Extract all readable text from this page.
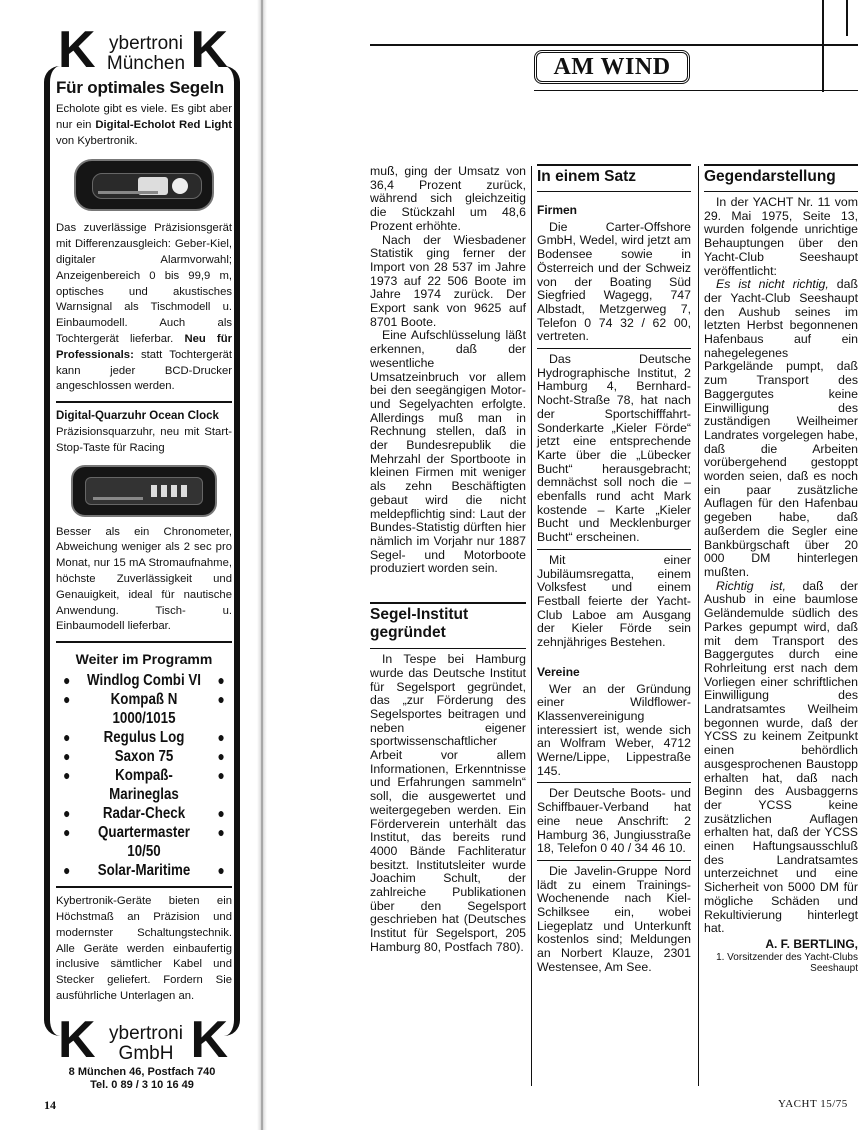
K ybertroni
München K
Für optimales Segeln

Echolote gibt es viele. Es gibt aber nur ein Digital-Echolot Red Light von Kybertronik.

Das zuverlässige Präzisionsgerät mit Differenzausgleich: Geber-Kiel, digitaler Alarmvorwahl; Anzeigenbereich 0 bis 99,9 m, optisches und akustisches Warnsignal als Tischmodell u. Einbaumodell. Auch als Tochtergerät lieferbar. Neu für Professionals: statt Tochtergerät kann jeder BCD-Drucker angeschlossen werden.

Digital-Quarzuhr Ocean Clock

Präzisionsquarzuhr, neu mit Start-Stop-Taste für Racing

Besser als ein Chronometer, Abweichung weniger als 2 sec pro Monat, nur 15 mA Stromaufnahme, höchste Zuverlässigkeit und Genauigkeit, ideal für nautische Anwendung. Tisch- u. Einbaumodell lieferbar.

Weiter im Programm
● Windlog Combi VI ●
● Kompaß N 1000/1015 ●
● Regulus Log ●
● Saxon 75 ●
● Kompaß-Marineglas ●
● Radar-Check ●
● Quartermaster 10/50 ●
● Solar-Maritime ●

Kybertronik-Geräte bieten ein Höchstmaß an Präzision und modernster Schaltungstechnik. Alle Geräte werden einbaufertig inclusive sämtlicher Kabel und Stecker geliefert. Fordern Sie ausführliche Unterlagen an.

K ybertroni
GmbH K
8 München 46, Postfach 740
Tel. 0 89 / 3 10 16 49
14	YACHT 15/75
AM WIND

muß, ging der Umsatz von 36,4 Prozent zurück, während sich gleichzeitig die Stückzahl um 48,6 Prozent erhöhte.

Nach der Wiesbadener Statistik ging ferner der Import von 28 537 im Jahre 1973 auf 22 506 Boote im Jahre 1974 zurück. Der Export sank von 9625 auf 8701 Boote.

Eine Aufschlüsselung läßt erkennen, daß der wesentliche Umsatzeinbruch vor allem bei den seegängigen Motor- und Segelyachten erfolgte. Allerdings muß man in Rechnung stellen, daß in der Bundesrepublik die Mehrzahl der Sportboote in kleinen Firmen mit weniger als zehn Beschäftigten gebaut wird die nicht meldepflichtig sind: Laut der Bundes-Statistig dürften hier nämlich im Vorjahr nur 1887 Segel- und Motorboote produziert worden sein.

Segel-Institut gegründet

In Tespe bei Hamburg wurde das Deutsche Institut für Segelsport gegründet, das „zur Förderung des Segelsportes beitragen und neben eigener sportwissenschaftlicher Arbeit vor allem Informationen, Erkenntnisse und Erfahrungen sammeln“ soll, die ausgewertet und weitergegeben werden. Ein Förderverein unterhält das Institut, das bereits rund 4000 Bände Fachliteratur besitzt. Institutsleiter wurde Joachim Schult, der zahlreiche Publikationen über den Segelsport geschrieben hat (Deutsches Institut für Segelsport, 205 Hamburg 80, Postfach 780).

In einem Satz
Firmen

Die Carter-Offshore GmbH, Wedel, wird jetzt am Bodensee sowie in Österreich und der Schweiz von der Boating Süd Siegfried Wagegg, 747 Albstadt, Metzgerweg 7, Telefon 0 74 32 / 62 00, vertreten.

Das Deutsche Hydrographische Institut, 2 Hamburg 4, Bernhard-Nocht-Straße 78, hat nach der Sportschifffahrt-Sonderkarte „Kieler Förde“ jetzt eine entsprechende Karte über die „Lübecker Bucht“ herausgebracht; demnächst soll noch die – ebenfalls rund acht Mark kostende – Karte „Kieler Bucht und Mecklenburger Bucht“ erscheinen.

Mit einer Jubiläumsregatta, einem Volksfest und einem Festball feierte der Yacht-Club Laboe am Ausgang der Kieler Förde sein zehnjähriges Bestehen.

Vereine

Wer an der Gründung einer Wildflower-Klassenvereinigung interessiert ist, wende sich an Wolfram Weber, 4712 Werne/Lippe, Lippestraße 145.

Der Deutsche Boots- und Schiffbauer-Verband hat eine neue Anschrift: 2 Hamburg 36, Jungiusstraße 18, Telefon 0 40 / 34 46 10.

Die Javelin-Gruppe Nord lädt zu einem Trainings-Wochenende nach Kiel-Schilksee ein, wobei Liegeplatz und Unterkunft kostenlos sind; Meldungen an Norbert Klauze, 2301 Westensee, Am See.

Gegendarstellung

In der YACHT Nr. 11 vom 29. Mai 1975, Seite 13, wurden folgende unrichtige Behauptungen über den Yacht-Club Seeshaupt veröffentlicht:

Es ist nicht richtig, daß der Yacht-Club Seeshaupt den Aushub seines im letzten Herbst begonnenen Hafenbaus auf ein nahegelegenes Parkgelände pumpt, daß zum Transport des Baggergutes keine Einwilligung des zuständigen Weilheimer Landrates vorgelegen habe, daß die Arbeiten vorübergehend gestoppt worden seien, daß es noch ein paar zusätzliche Auflagen für den Hafenbau gegeben habe, daß außerdem die Segler eine Bankbürgschaft über 20 000 DM hinterlegen mußten.

Richtig ist, daß der Aushub in eine baumlose Geländemulde südlich des Parkes gepumpt wird, daß mit dem Transport des Baggergutes durch eine Rohrleitung erst nach dem Vorliegen einer schriftlichen Einwilligung des Landratsamtes Weilheim begonnen wurde, daß der YCSS zu keinem Zeitpunkt einen behördlich ausgesprochenen Baustopp erhalten hat, daß nach Beginn des Ausbaggerns der YCSS keine zusätzlichen Auflagen erhalten hat, daß der YCSS einen Haftungsausschluß des Landratsamtes unterzeichnet und eine Sicherheit von 5000 DM für mögliche Schäden und Rekultivierung hinterlegt hat.

A. F. BERTLING,
1. Vorsitzender des Yacht-Clubs Seeshaupt
